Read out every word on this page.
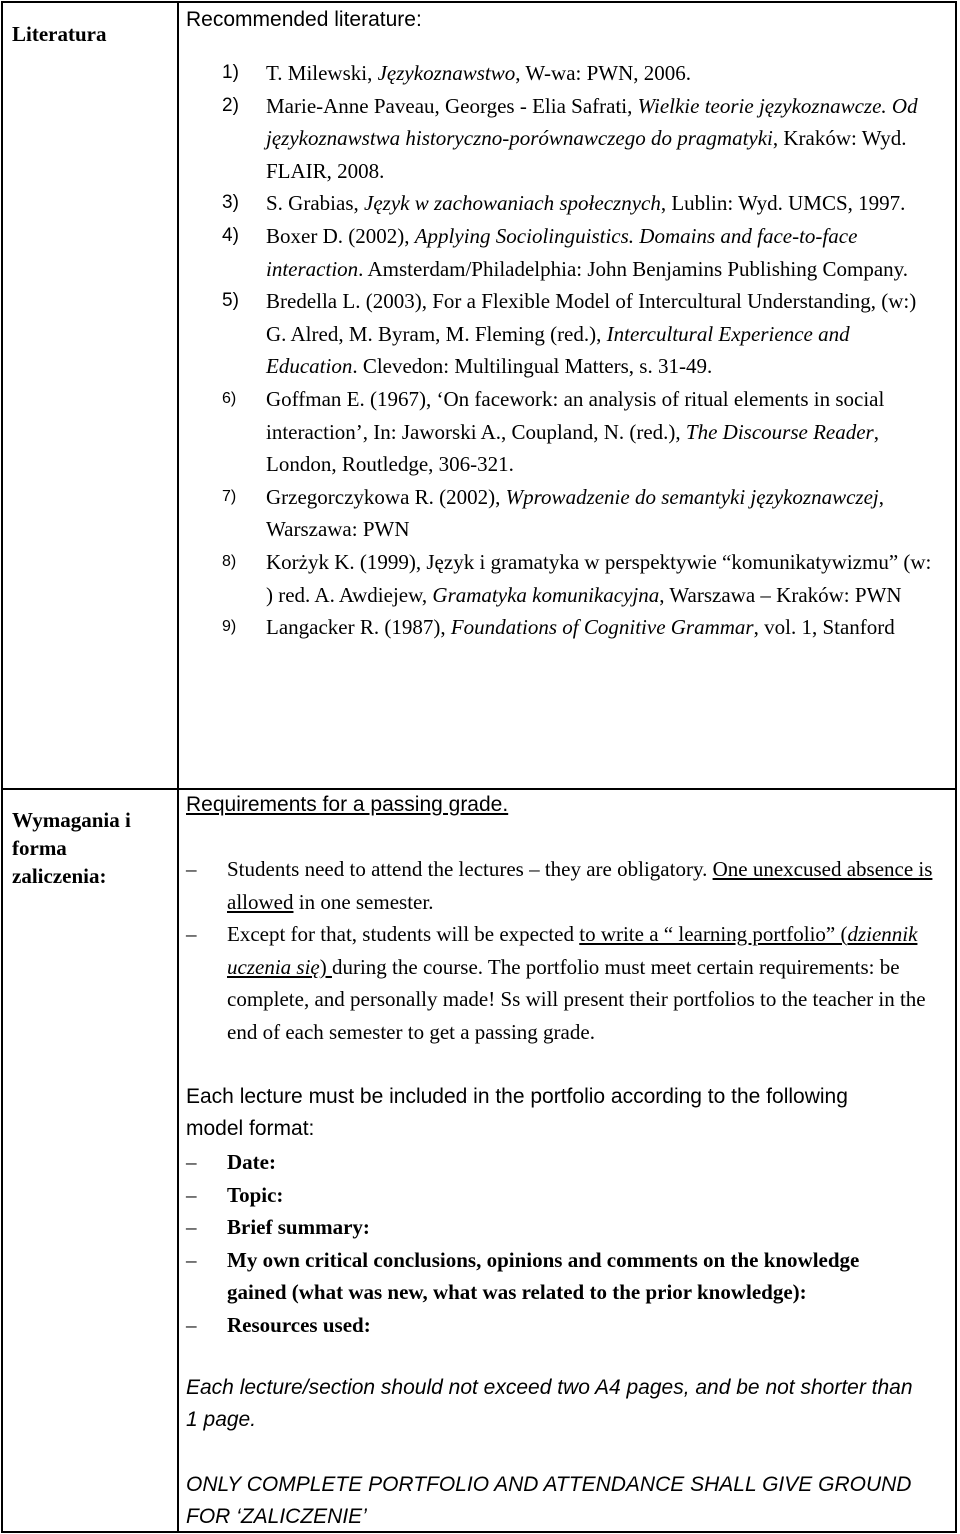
Literatura
Recommended literature:
1) T. Milewski, Językoznawstwo, W-wa: PWN, 2006.
2) Marie-Anne Paveau, Georges - Elia Safrati, Wielkie teorie językoznawcze. Od językoznawstwa historyczno-porównawczego do pragmatyki, Kraków: Wyd. FLAIR, 2008.
3) S. Grabias, Język w zachowaniach społecznych, Lublin: Wyd. UMCS, 1997.
4) Boxer D. (2002), Applying Sociolinguistics. Domains and face-to-face interaction. Amsterdam/Philadelphia: John Benjamins Publishing Company.
5) Bredella L. (2003), For a Flexible Model of Intercultural Understanding, (w:) G. Alred, M. Byram, M. Fleming (red.), Intercultural Experience and Education. Clevedon: Multilingual Matters, s. 31-49.
6) Goffman E. (1967), ‘On facework: an analysis of ritual elements in social interaction’, In: Jaworski A., Coupland, N. (red.), The Discourse Reader, London, Routledge, 306-321.
7) Grzegorczykowa R. (2002), Wprowadzenie do semantyki językoznawczej, Warszawa: PWN
8) Korżyk K. (1999), Język i gramatyka w perspektywie “komunikatywizmu” (w: ) red. A. Awdiejew, Gramatyka komunikacyjna, Warszawa – Kraków: PWN
9) Langacker R. (1987), Foundations of Cognitive Grammar, vol. 1, Stanford
Wymagania i forma zaliczenia:
Requirements for a passing grade.
– Students need to attend the lectures – they are obligatory. One unexcused absence is allowed in one semester.
– Except for that, students will be expected to write a “ learning portfolio” (dziennik uczenia się) during the course. The portfolio must meet certain requirements: be complete, and personally made! Ss will present their portfolios to the teacher in the end of each semester to get a passing grade.
Each lecture must be included in the portfolio according to the following model format:
– Date:
– Topic:
– Brief summary:
– My own critical conclusions, opinions and comments on the knowledge gained (what was new, what was related to the prior knowledge):
– Resources used:
Each lecture/section should not exceed two A4 pages, and be not shorter than 1 page.
ONLY COMPLETE PORTFOLIO AND ATTENDANCE SHALL GIVE GROUND FOR ‘ZALICZENIE’
